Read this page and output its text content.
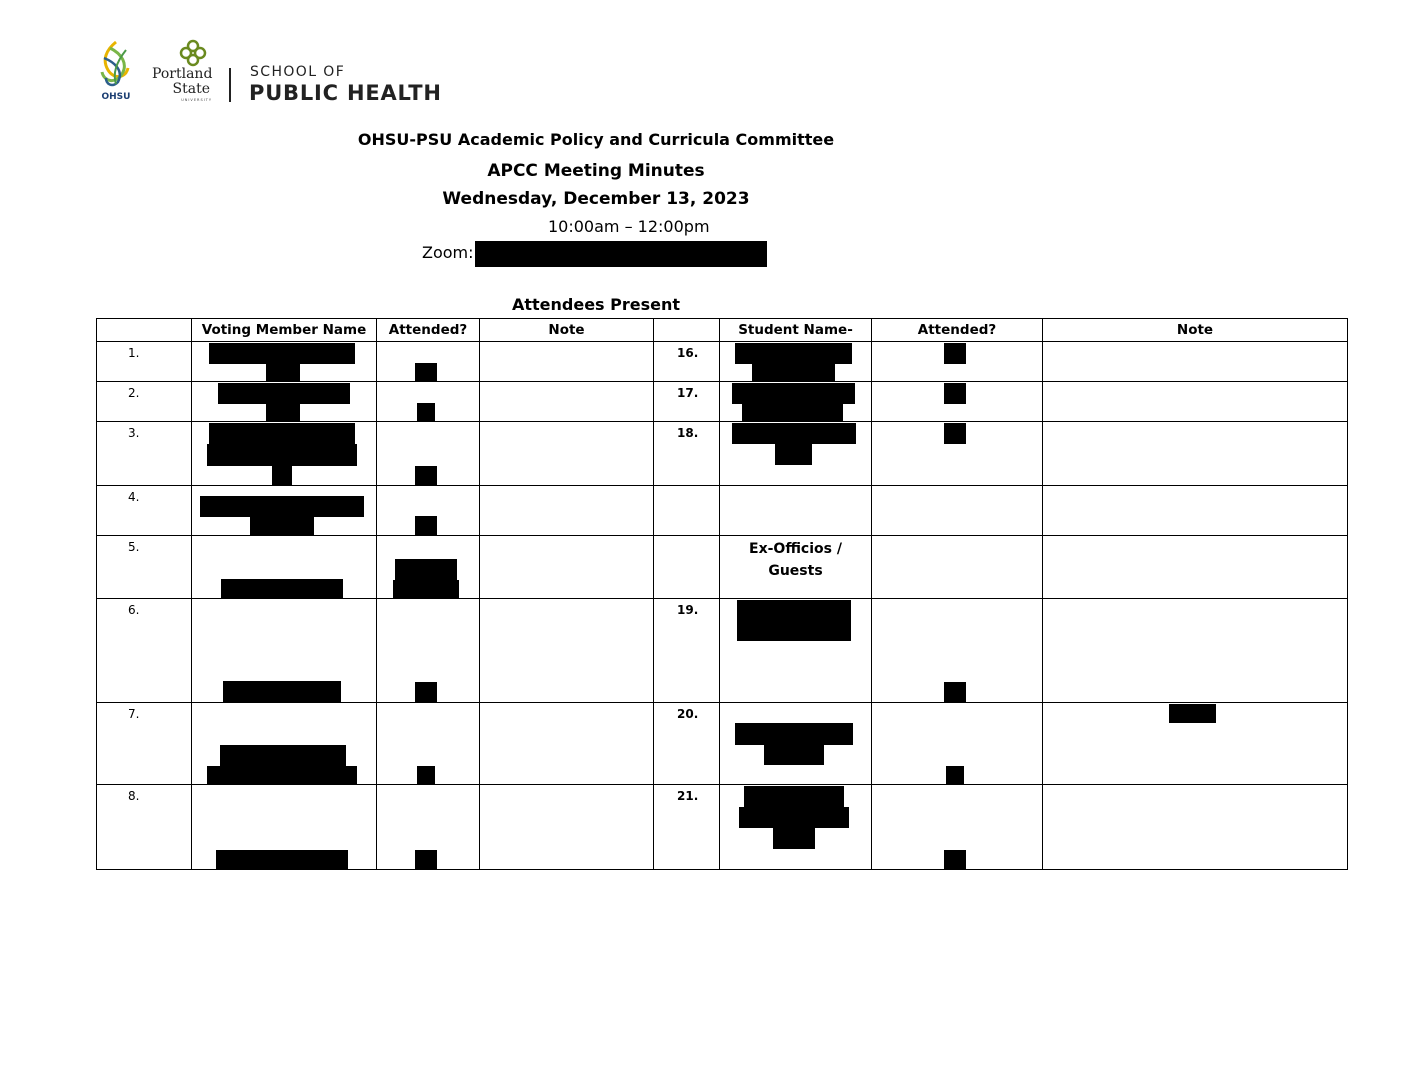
OHSU
Portland
State
UNIVERSITY
SCHOOL OF
PUBLIC HEALTH
OHSU-PSU Academic Policy and Curricula Committee
APCC Meeting Minutes
Wednesday, December 13, 2023
10:00am – 12:00pm
Zoom:
Attendees Present
	Voting Member Name	Attended?	Note		Student Name-	Attended?	Note
1.				16.	

2.				17.	

3.				18.	

4.	

5.					Ex-Officios / Guests		
6.				19.	

7.				20.	

8.				21.	
